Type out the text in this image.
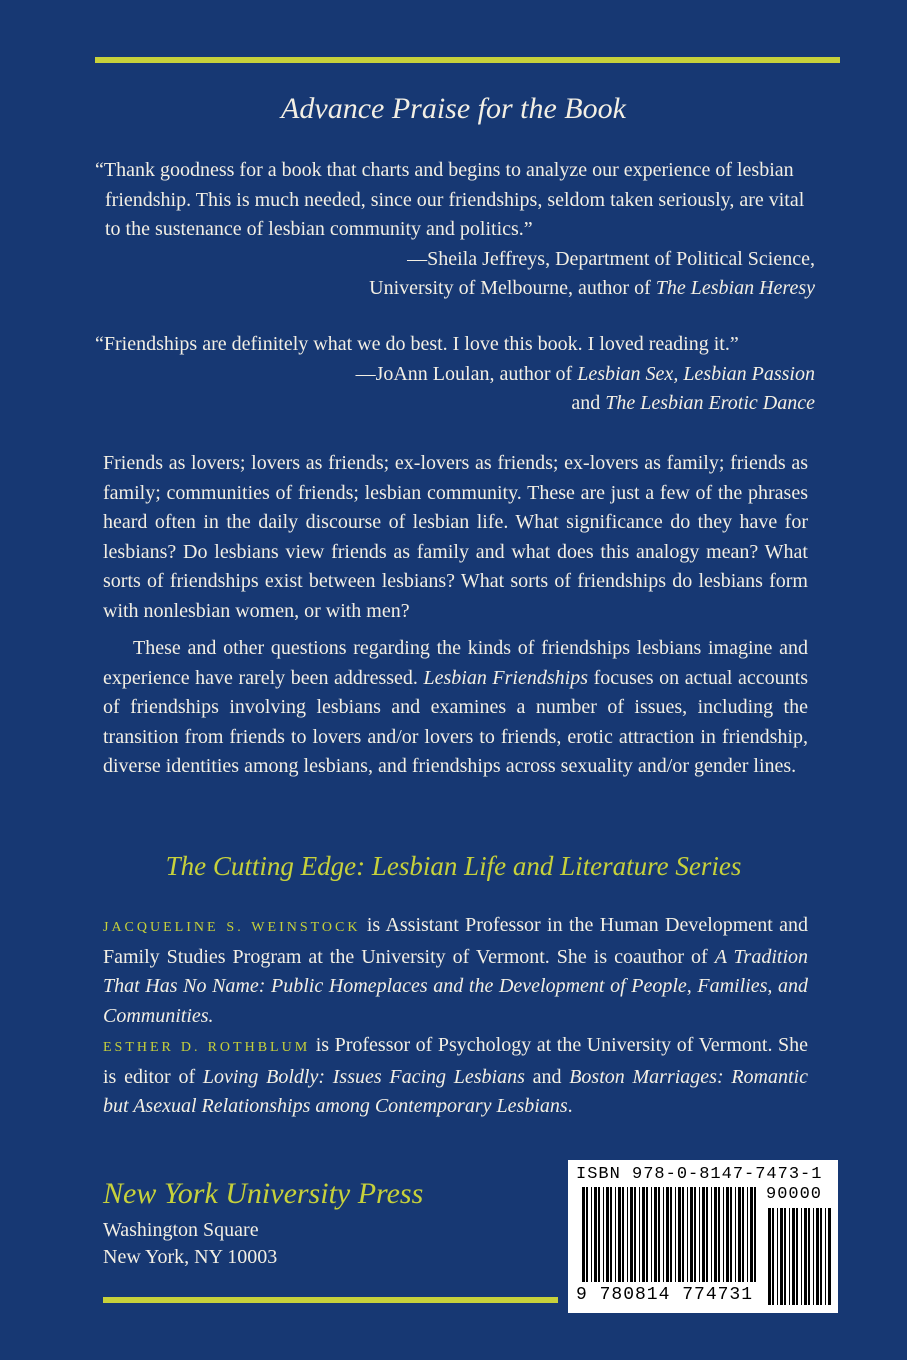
Advance Praise for the Book

“Thank goodness for a book that charts and begins to analyze our experience of lesbian friendship. This is much needed, since our friendships, seldom taken seriously, are vital to the sustenance of lesbian community and politics.”

—Sheila Jeffreys, Department of Political Science,
University of Melbourne, author of The Lesbian Heresy

“Friendships are definitely what we do best. I love this book. I loved reading it.”

—JoAnn Loulan, author of Lesbian Sex, Lesbian Passion
and The Lesbian Erotic Dance

Friends as lovers; lovers as friends; ex-lovers as friends; ex-lovers as family; friends as family; communities of friends; lesbian community. These are just a few of the phrases heard often in the daily discourse of lesbian life. What significance do they have for lesbians? Do lesbians view friends as family and what does this analogy mean? What sorts of friendships exist between lesbians? What sorts of friendships do lesbians form with nonlesbian women, or with men?

These and other questions regarding the kinds of friendships lesbians imagine and experience have rarely been addressed. Lesbian Friendships focuses on actual accounts of friendships involving lesbians and examines a number of issues, including the transition from friends to lovers and/or lovers to friends, erotic attraction in friendship, diverse identities among lesbians, and friendships across sexuality and/or gender lines.

The Cutting Edge: Lesbian Life and Literature Series

JACQUELINE S. WEINSTOCK is Assistant Professor in the Human Development and Family Studies Program at the University of Vermont. She is coauthor of A Tradition That Has No Name: Public Homeplaces and the Development of People, Families, and Communities.

ESTHER D. ROTHBLUM is Professor of Psychology at the University of Vermont. She is editor of Loving Boldly: Issues Facing Lesbians and Boston Marriages: Romantic but Asexual Relationships among Contemporary Lesbians.

New York University Press
Washington Square
New York, NY 10003
ISBN 978-0-8147-7473-1
90000
9 780814 774731
